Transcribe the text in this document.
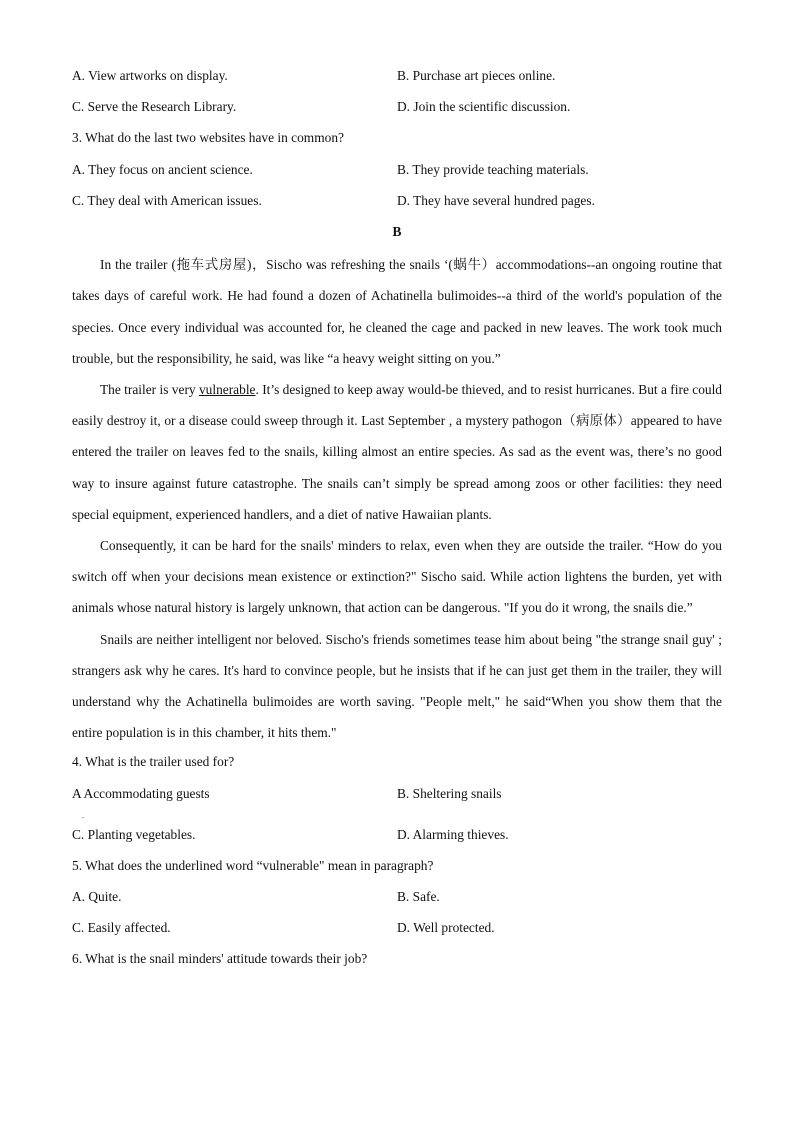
A. View artworks on display.	B. Purchase art pieces online.
C. Serve the Research Library.	D. Join the scientific discussion.
3. What do the last two websites have in common?
A. They focus on ancient science.	B. They provide teaching materials.
C. They deal with American issues.	D. They have several hundred pages.
B

In the trailer (拖车式房屋)，Sischo was refreshing the snails ‘(蜗牛）accommodations--an ongoing routine that takes days of careful work. He had found a dozen of Achatinella bulimoides--a third of the world's population of the species. Once every individual was accounted for, he cleaned the cage and packed in new leaves. The work took much trouble, but the responsibility, he said, was like “a heavy weight sitting on you.”

The trailer is very vulnerable. It’s designed to keep away would-be thieved, and to resist hurricanes. But a fire could easily destroy it, or a disease could sweep through it. Last September , a mystery pathogon（病原体）appeared to have entered the trailer on leaves fed to the snails, killing almost an entire species. As sad as the event was, there’s no good way to insure against future catastrophe. The snails can’t simply be spread among zoos or other facilities: they need special equipment, experienced handlers, and a diet of native Hawaiian plants.

Consequently, it can be hard for the snails' minders to relax, even when they are outside the trailer. “How do you switch off when your decisions mean existence or extinction?" Sischo said. While action lightens the burden, yet with animals whose natural history is largely unknown, that action can be dangerous. "If you do it wrong, the snails die.”

Snails are neither intelligent nor beloved. Sischo's friends sometimes tease him about being "the strange snail guy' ; strangers ask why he cares. It's hard to convince people, but he insists that if he can just get them in the trailer, they will understand why the Achatinella bulimoides are worth saving. "People melt," he said“When you show them that the entire population is in this chamber, it hits them."

4. What is the trailer used for?
A Accommodating guests
.
B. Sheltering snails
C. Planting vegetables.	D. Alarming thieves.
5. What does the underlined word “vulnerable" mean in paragraph?
A. Quite.	B. Safe.
C. Easily affected.	D. Well protected.
6. What is the snail minders' attitude towards their job?
